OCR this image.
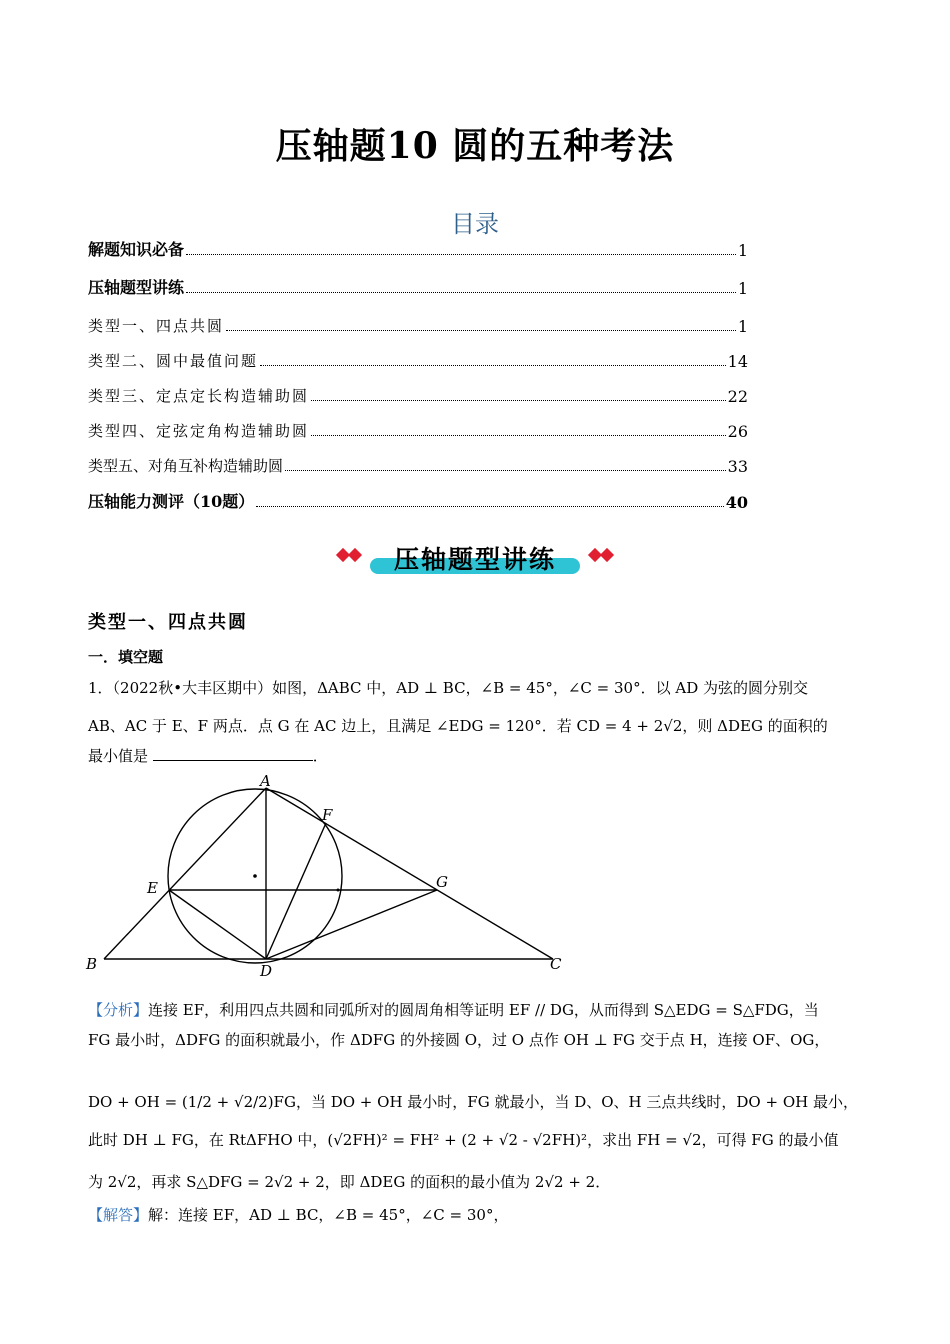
压轴题10 圆的五种考法
目录
解题知识必备	1
压轴题型讲练	1
类型一、四点共圆	1
类型二、圆中最值问题	14
类型三、定点定长构造辅助圆	22
类型四、定弦定角构造辅助圆	26
类型五、对角互补构造辅助圆	33
压轴能力测评（10题）	40
压轴题型讲练
类型一、四点共圆
一．填空题
1．（2022秋•大丰区期中）如图，ΔABC 中，AD ⊥ BC，∠B = 45°，∠C = 30°．以 AD 为弦的圆分别交
AB、AC 于 E、F 两点．点 G 在 AC 边上，且满足 ∠EDG = 120°．若 CD = 4 + 2√2，则 ΔDEG 的面积的
最小值是	．
A
B	C
D
E
F
G
【分析】连接 EF，利用四点共圆和同弧所对的圆周角相等证明 EF // DG，从而得到 S△EDG = S△FDG，当
FG 最小时，ΔDFG 的面积就最小，作 ΔDFG 的外接圆 O，过 O 点作 OH ⊥ FG 交于点 H，连接 OF、OG，
DO + OH = (1/2 + √2/2)FG，当 DO + OH 最小时，FG 就最小，当 D、O、H 三点共线时，DO + OH 最小，
此时 DH ⊥ FG，在 RtΔFHO 中，(√2FH)² = FH² + (2 + √2 - √2FH)²，求出 FH = √2，可得 FG 的最小值
为 2√2，再求 S△DFG = 2√2 + 2，即 ΔDEG 的面积的最小值为 2√2 + 2．
【解答】解：连接 EF，AD ⊥ BC，∠B = 45°，∠C = 30°，
